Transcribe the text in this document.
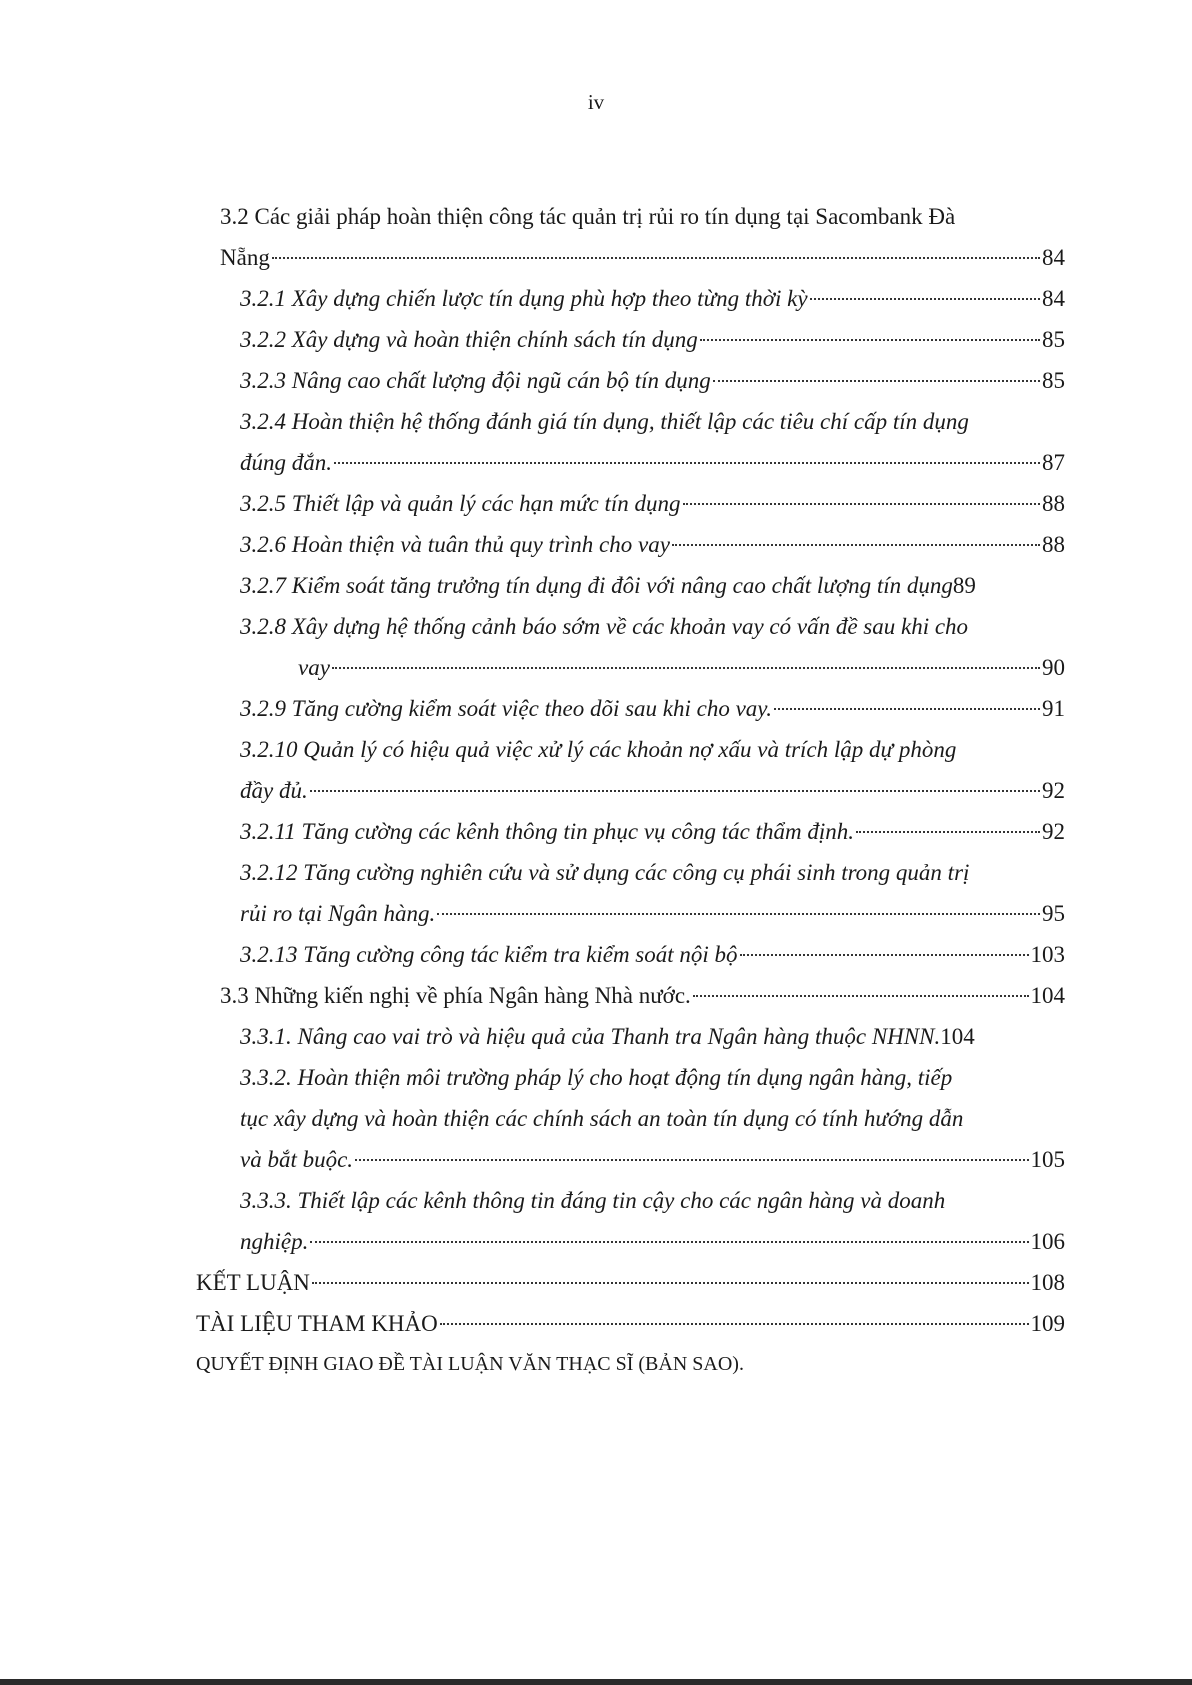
iv
3.2 Các giải pháp hoàn thiện công tác quản trị rủi ro tín dụng tại Sacombank Đà
Nẵng	84
3.2.1 Xây dựng chiến lược tín dụng phù hợp theo từng thời kỳ	84
3.2.2 Xây dựng và hoàn thiện chính sách tín dụng	85
3.2.3 Nâng cao chất lượng đội ngũ cán bộ tín dụng	85
3.2.4 Hoàn thiện hệ thống đánh giá tín dụng, thiết lập các tiêu chí cấp tín dụng
đúng đắn.	87
3.2.5 Thiết lập và quản lý các hạn mức tín dụng	88
3.2.6 Hoàn thiện và tuân thủ quy trình cho vay	88
3.2.7 Kiểm soát tăng trưởng tín dụng đi đôi với nâng cao chất lượng tín dụng 89
3.2.8 Xây dựng hệ thống cảnh báo sớm về các khoản vay có vấn đề sau khi cho
vay	90
3.2.9 Tăng cường kiểm soát việc theo dõi sau khi cho vay.	91
3.2.10 Quản lý có hiệu quả việc xử lý các khoản nợ xấu và trích lập dự phòng
đầy đủ.	92
3.2.11 Tăng cường các kênh thông tin phục vụ công tác thẩm định.	92
3.2.12 Tăng cường nghiên cứu và sử dụng các công cụ phái sinh trong quản trị
rủi ro tại Ngân hàng.	95
3.2.13 Tăng cường công tác kiểm tra kiểm soát nội bộ	103
3.3 Những kiến nghị về phía Ngân hàng Nhà nước.	104
3.3.1. Nâng cao vai trò và hiệu quả của Thanh tra Ngân hàng thuộc NHNN. 104
3.3.2. Hoàn thiện môi trường pháp lý cho hoạt động tín dụng ngân hàng, tiếp
tục xây dựng và hoàn thiện các chính sách an toàn tín dụng có tính hướng dẫn
và bắt buộc.	105
3.3.3. Thiết lập các kênh thông tin đáng tin cậy cho các ngân hàng và doanh
nghiệp.	106
KẾT LUẬN	108
TÀI LIỆU THAM KHẢO	109
QUYẾT ĐỊNH GIAO ĐỀ TÀI LUẬN VĂN THẠC SĨ (BẢN SAO).
